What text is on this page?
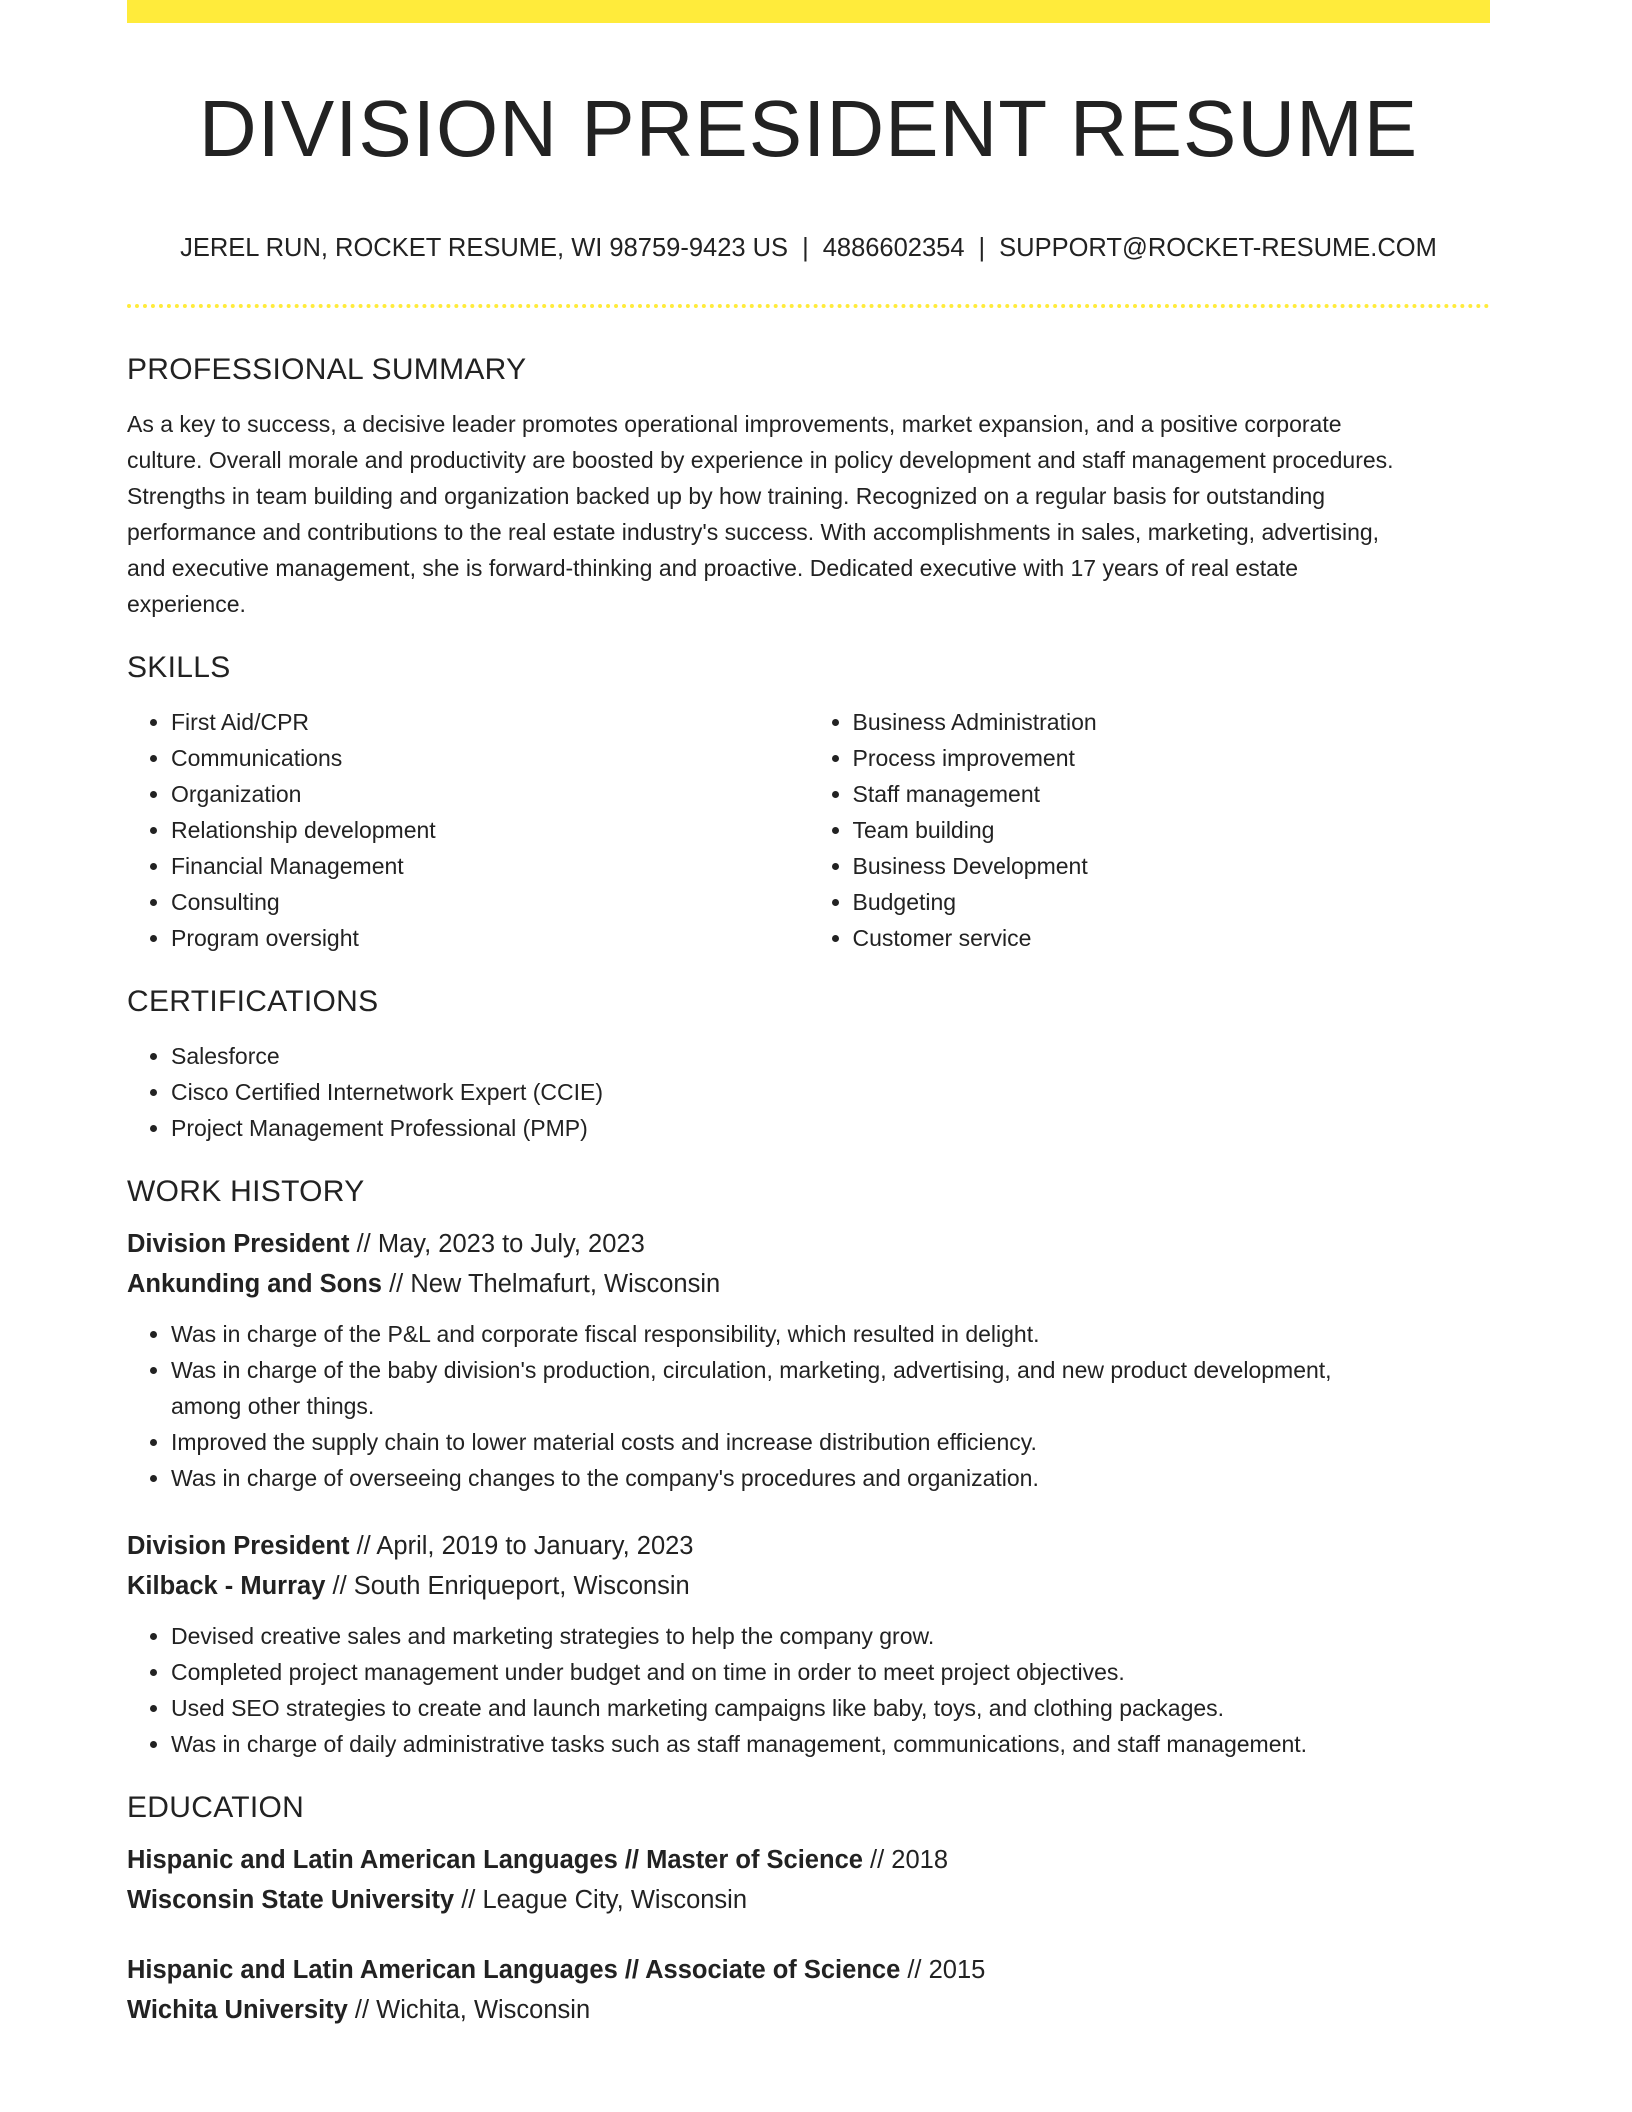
DIVISION PRESIDENT RESUME
JEREL RUN, ROCKET RESUME, WI 98759-9423 US | 4886602354 | SUPPORT@ROCKET-RESUME.COM
PROFESSIONAL SUMMARY
As a key to success, a decisive leader promotes operational improvements, market expansion, and a positive corporate
culture. Overall morale and productivity are boosted by experience in policy development and staff management procedures.
Strengths in team building and organization backed up by how training. Recognized on a regular basis for outstanding
performance and contributions to the real estate industry's success. With accomplishments in sales, marketing, advertising,
and executive management, she is forward-thinking and proactive. Dedicated executive with 17 years of real estate
experience.
SKILLS
• First Aid/CPR
• Communications
• Organization
• Relationship development
• Financial Management
• Consulting
• Program oversight
• Business Administration
• Process improvement
• Staff management
• Team building
• Business Development
• Budgeting
• Customer service
CERTIFICATIONS
• Salesforce
• Cisco Certified Internetwork Expert (CCIE)
• Project Management Professional (PMP)
WORK HISTORY
Division President // May, 2023 to July, 2023
Ankunding and Sons // New Thelmafurt, Wisconsin
• Was in charge of the P&L and corporate fiscal responsibility, which resulted in delight.
• Was in charge of the baby division's production, circulation, marketing, advertising, and new product development,
among other things.
• Improved the supply chain to lower material costs and increase distribution efficiency.
• Was in charge of overseeing changes to the company's procedures and organization.
Division President // April, 2019 to January, 2023
Kilback - Murray // South Enriqueport, Wisconsin
• Devised creative sales and marketing strategies to help the company grow.
• Completed project management under budget and on time in order to meet project objectives.
• Used SEO strategies to create and launch marketing campaigns like baby, toys, and clothing packages.
• Was in charge of daily administrative tasks such as staff management, communications, and staff management.
EDUCATION
Hispanic and Latin American Languages // Master of Science // 2018
Wisconsin State University // League City, Wisconsin
Hispanic and Latin American Languages // Associate of Science // 2015
Wichita University // Wichita, Wisconsin
